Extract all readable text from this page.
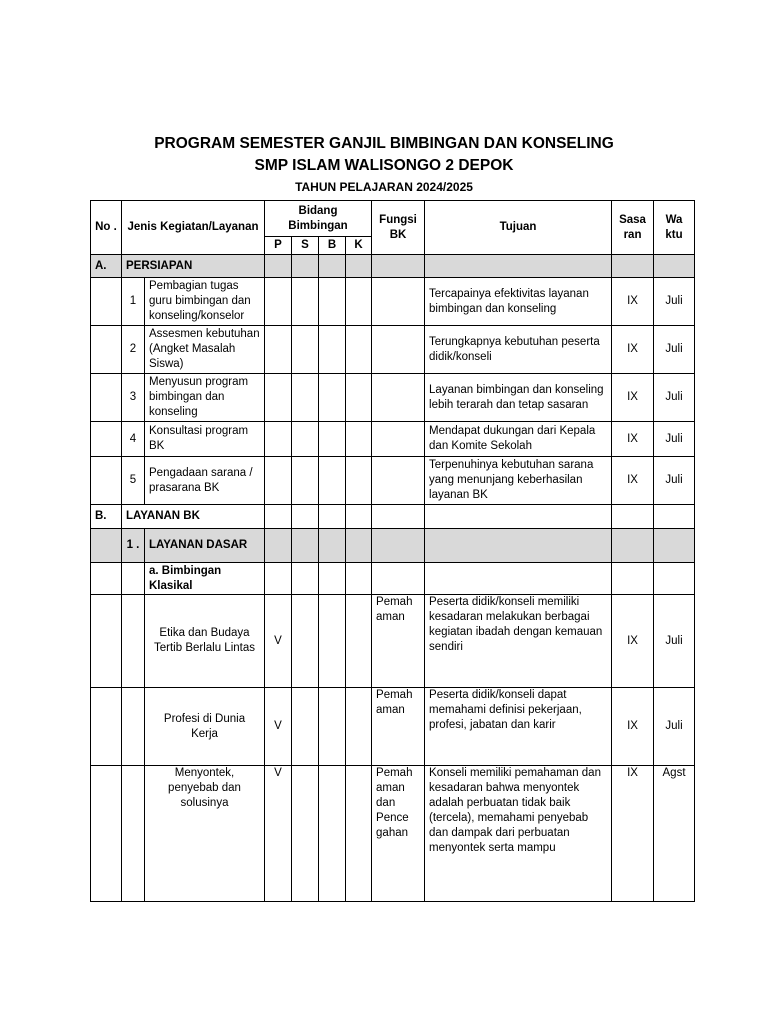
PROGRAM SEMESTER GANJIL BIMBINGAN DAN KONSELING
SMP ISLAM WALISONGO 2 DEPOK
TAHUN PELAJARAN 2024/2025
No .	Jenis Kegiatan/Layanan		Bidang Bimbingan				Fungsi BK	Tujuan	Sasa ran	Wa ktu
			P	S	B	K				
A.	PERSIAPAN									
	1	Pembagian tugas guru bimbingan dan konseling/konselor						Tercapainya efektivitas layanan bimbingan dan konseling	IX	Juli
	2	Assesmen kebutuhan (Angket Masalah Siswa)						Terungkapnya kebutuhan peserta didik/konseli	IX	Juli
	3	Menyusun program bimbingan dan konseling						Layanan bimbingan dan konseling lebih terarah dan tetap sasaran	IX	Juli
	4	Konsultasi program BK						Mendapat dukungan dari Kepala dan Komite Sekolah	IX	Juli
	5	Pengadaan sarana / prasarana BK						Terpenuhinya kebutuhan sarana yang menunjang keberhasilan layanan BK	IX	Juli
B.	LAYANAN BK									
	1 .	LAYANAN DASAR								
		a. Bimbingan Klasikal								
		Etika dan Budaya Tertib Berlalu Lintas	V				Pemah aman	Peserta didik/konseli memiliki kesadaran melakukan berbagai kegiatan ibadah dengan kemauan sendiri	IX	Juli
		Profesi di Dunia Kerja	V				Pemah aman	Peserta didik/konseli dapat memahami definisi pekerjaan, profesi, jabatan dan karir	IX	Juli
		Menyontek, penyebab dan solusinya	V				Pemah aman dan Pence gahan	Konseli memiliki pemahaman dan kesadaran bahwa menyontek adalah perbuatan tidak baik (tercela), memahami penyebab dan dampak dari perbuatan menyontek serta mampu	IX	Agst
